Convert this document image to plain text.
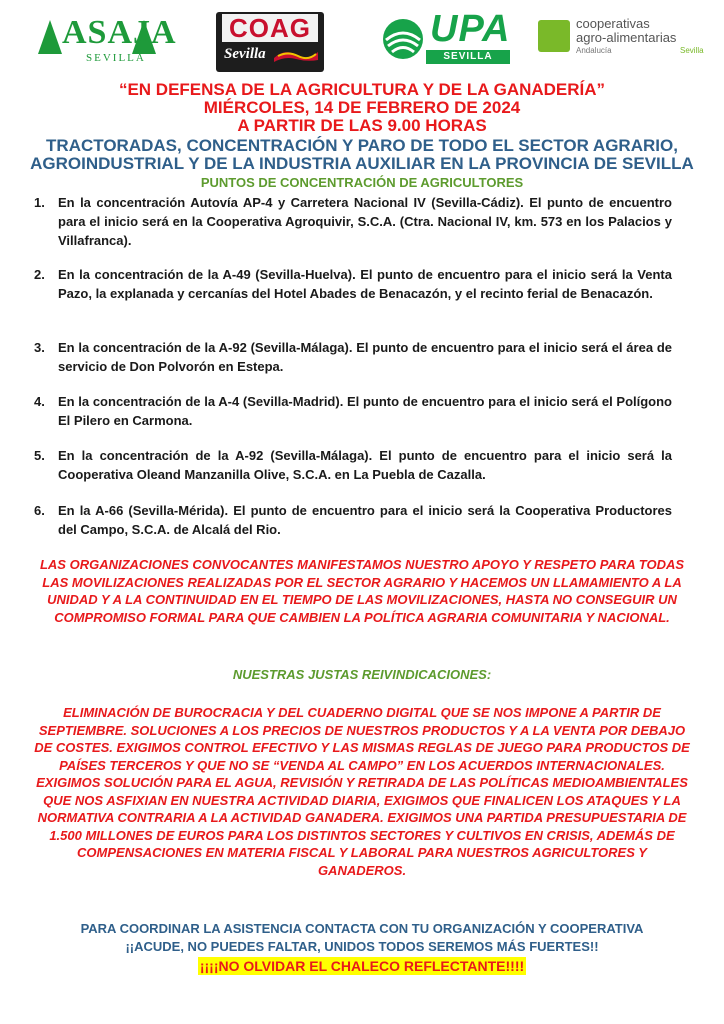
ASAJA
SEVILLA
COAG
Sevilla
UPA
SEVILLA
cooperativas
agro-alimentarias
Andalucía	Sevilla
“EN DEFENSA DE LA AGRICULTURA Y DE LA GANADERÍA”
MIÉRCOLES, 14 DE FEBRERO DE 2024
A PARTIR DE LAS 9.00 HORAS
TRACTORADAS, CONCENTRACIÓN Y PARO DE TODO EL SECTOR AGRARIO,
AGROINDUSTRIAL Y DE LA INDUSTRIA AUXILIAR EN LA PROVINCIA DE SEVILLA
PUNTOS DE CONCENTRACIÓN DE AGRICULTORES
1.	En la concentración Autovía AP-4 y Carretera Nacional IV (Sevilla-Cádiz). El punto de encuentro para el inicio será en la Cooperativa Agroquivir, S.C.A. (Ctra. Nacional IV, km. 573 en los Palacios y Villafranca).
2.	En la concentración de la A-49 (Sevilla-Huelva). El punto de encuentro para el inicio será la Venta Pazo, la explanada y cercanías del Hotel Abades de Benacazón, y el recinto ferial de Benacazón.
3.	En la concentración de la A-92 (Sevilla-Málaga). El punto de encuentro para el inicio será el área de servicio de Don Polvorón en Estepa.
4.	En la concentración de la A-4 (Sevilla-Madrid). El punto de encuentro para el inicio será el Polígono El Pilero en Carmona.
5.	En la concentración de la A-92 (Sevilla-Málaga). El punto de encuentro para el inicio será la Cooperativa Oleand Manzanilla Olive, S.C.A. en La Puebla de Cazalla.
6.	En la A-66 (Sevilla-Mérida). El punto de encuentro para el inicio será la Cooperativa Productores del Campo, S.C.A. de Alcalá del Rio.
LAS ORGANIZACIONES CONVOCANTES MANIFESTAMOS NUESTRO APOYO Y RESPETO PARA TODAS LAS MOVILIZACIONES REALIZADAS POR EL SECTOR AGRARIO Y HACEMOS UN LLAMAMIENTO A LA UNIDAD Y A LA CONTINUIDAD EN EL TIEMPO DE LAS MOVILIZACIONES, HASTA NO CONSEGUIR UN COMPROMISO FORMAL PARA QUE CAMBIEN LA POLÍTICA AGRARIA COMUNITARIA Y NACIONAL.
NUESTRAS JUSTAS REIVINDICACIONES:
ELIMINACIÓN DE BUROCRACIA Y DEL CUADERNO DIGITAL QUE SE NOS IMPONE A PARTIR DE SEPTIEMBRE. SOLUCIONES A LOS PRECIOS DE NUESTROS PRODUCTOS Y A LA VENTA POR DEBAJO DE COSTES. EXIGIMOS CONTROL EFECTIVO Y LAS MISMAS REGLAS DE JUEGO PARA PRODUCTOS DE PAÍSES TERCEROS Y QUE NO SE “VENDA AL CAMPO” EN LOS ACUERDOS INTERNACIONALES. EXIGIMOS SOLUCIÓN PARA EL AGUA, REVISIÓN Y RETIRADA DE LAS POLÍTICAS MEDIOAMBIENTALES QUE NOS ASFIXIAN EN NUESTRA ACTIVIDAD DIARIA, EXIGIMOS QUE FINALICEN LOS ATAQUES Y LA NORMATIVA CONTRARIA A LA ACTIVIDAD GANADERA. EXIGIMOS UNA PARTIDA PRESUPUESTARIA DE 1.500 MILLONES DE EUROS PARA LOS DISTINTOS SECTORES Y CULTIVOS EN CRISIS, ADEMÁS DE COMPENSACIONES EN MATERIA FISCAL Y LABORAL PARA NUESTROS AGRICULTORES Y GANADEROS.
PARA COORDINAR LA ASISTENCIA CONTACTA CON TU ORGANIZACIÓN Y COOPERATIVA
¡¡ACUDE, NO PUEDES FALTAR, UNIDOS TODOS SEREMOS MÁS FUERTES!!
¡¡¡¡NO OLVIDAR EL CHALECO REFLECTANTE!!!!
